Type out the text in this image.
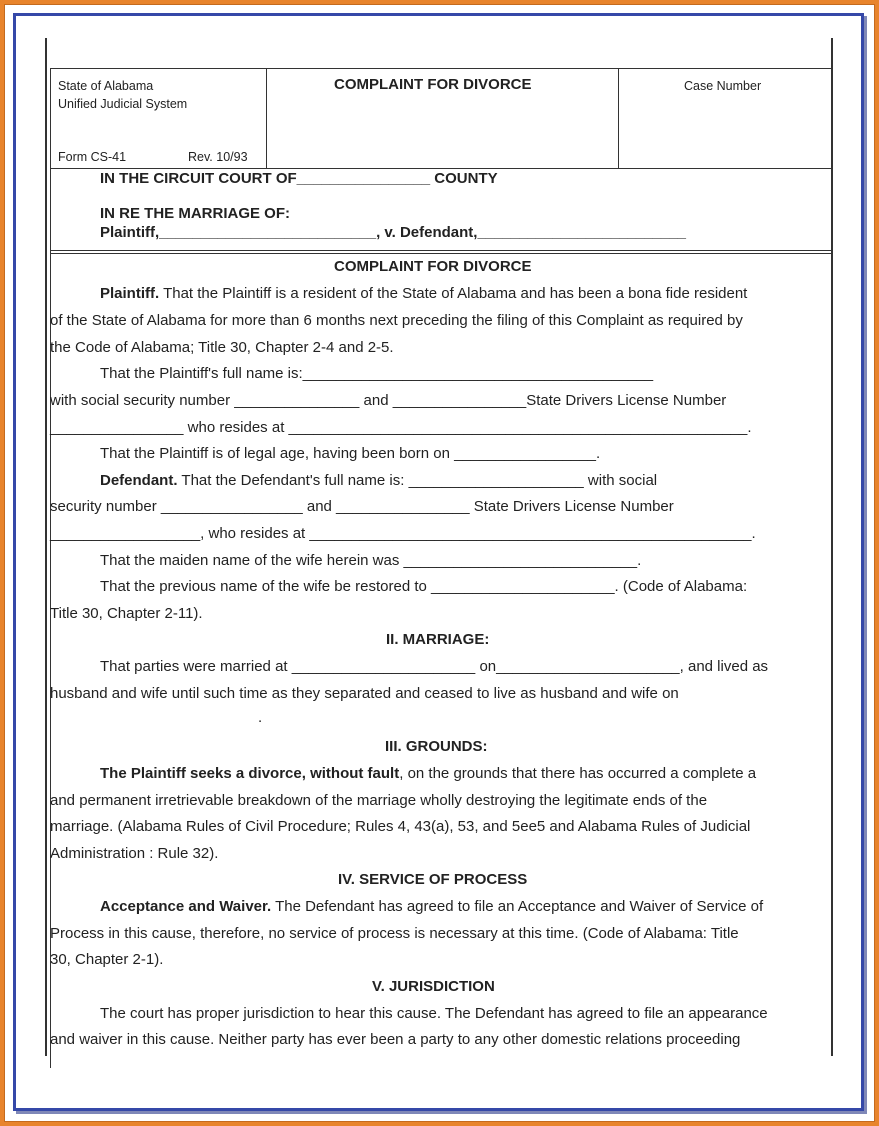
State of Alabama
Unified Judicial System
Form CS-41	Rev. 10/93
COMPLAINT FOR DIVORCE	Case Number
IN THE CIRCUIT COURT OF________________ COUNTY
IN RE THE MARRIAGE OF:
Plaintiff,__________________________, v. Defendant,_________________________
COMPLAINT FOR DIVORCE
Plaintiff. That the Plaintiff is a resident of the State of Alabama and has been a bona fide resident
of the State of Alabama for more than 6 months next preceding the filing of this Complaint as required by
the Code of Alabama; Title 30, Chapter 2-4 and 2-5.
That the Plaintiff's full name is:__________________________________________
with social security number _______________ and ________________State Drivers License Number
________________ who resides at _______________________________________________________.
That the Plaintiff is of legal age, having been born on _________________.
Defendant. That the Defendant's full name is: _____________________ with social
security number _________________ and ________________ State Drivers License Number
__________________, who resides at _____________________________________________________.
That the maiden name of the wife herein was ____________________________.
That the previous name of the wife be restored to ______________________. (Code of Alabama:
Title 30, Chapter 2-11).
II. MARRIAGE:
That parties were married at ______________________ on______________________, and lived as
husband and wife until such time as they separated and ceased to live as husband and wife on
.
III. GROUNDS:
The Plaintiff seeks a divorce, without fault, on the grounds that there has occurred a complete a
and permanent irretrievable breakdown of the marriage wholly destroying the legitimate ends of the
marriage. (Alabama Rules of Civil Procedure; Rules 4, 43(a), 53, and 5ee5 and Alabama Rules of Judicial
Administration : Rule 32).
IV. SERVICE OF PROCESS
Acceptance and Waiver. The Defendant has agreed to file an Acceptance and Waiver of Service of
Process in this cause, therefore, no service of process is necessary at this time. (Code of Alabama: Title
30, Chapter 2-1).
V. JURISDICTION
The court has proper jurisdiction to hear this cause. The Defendant has agreed to file an appearance
and waiver in this cause. Neither party has ever been a party to any other domestic relations proceeding
